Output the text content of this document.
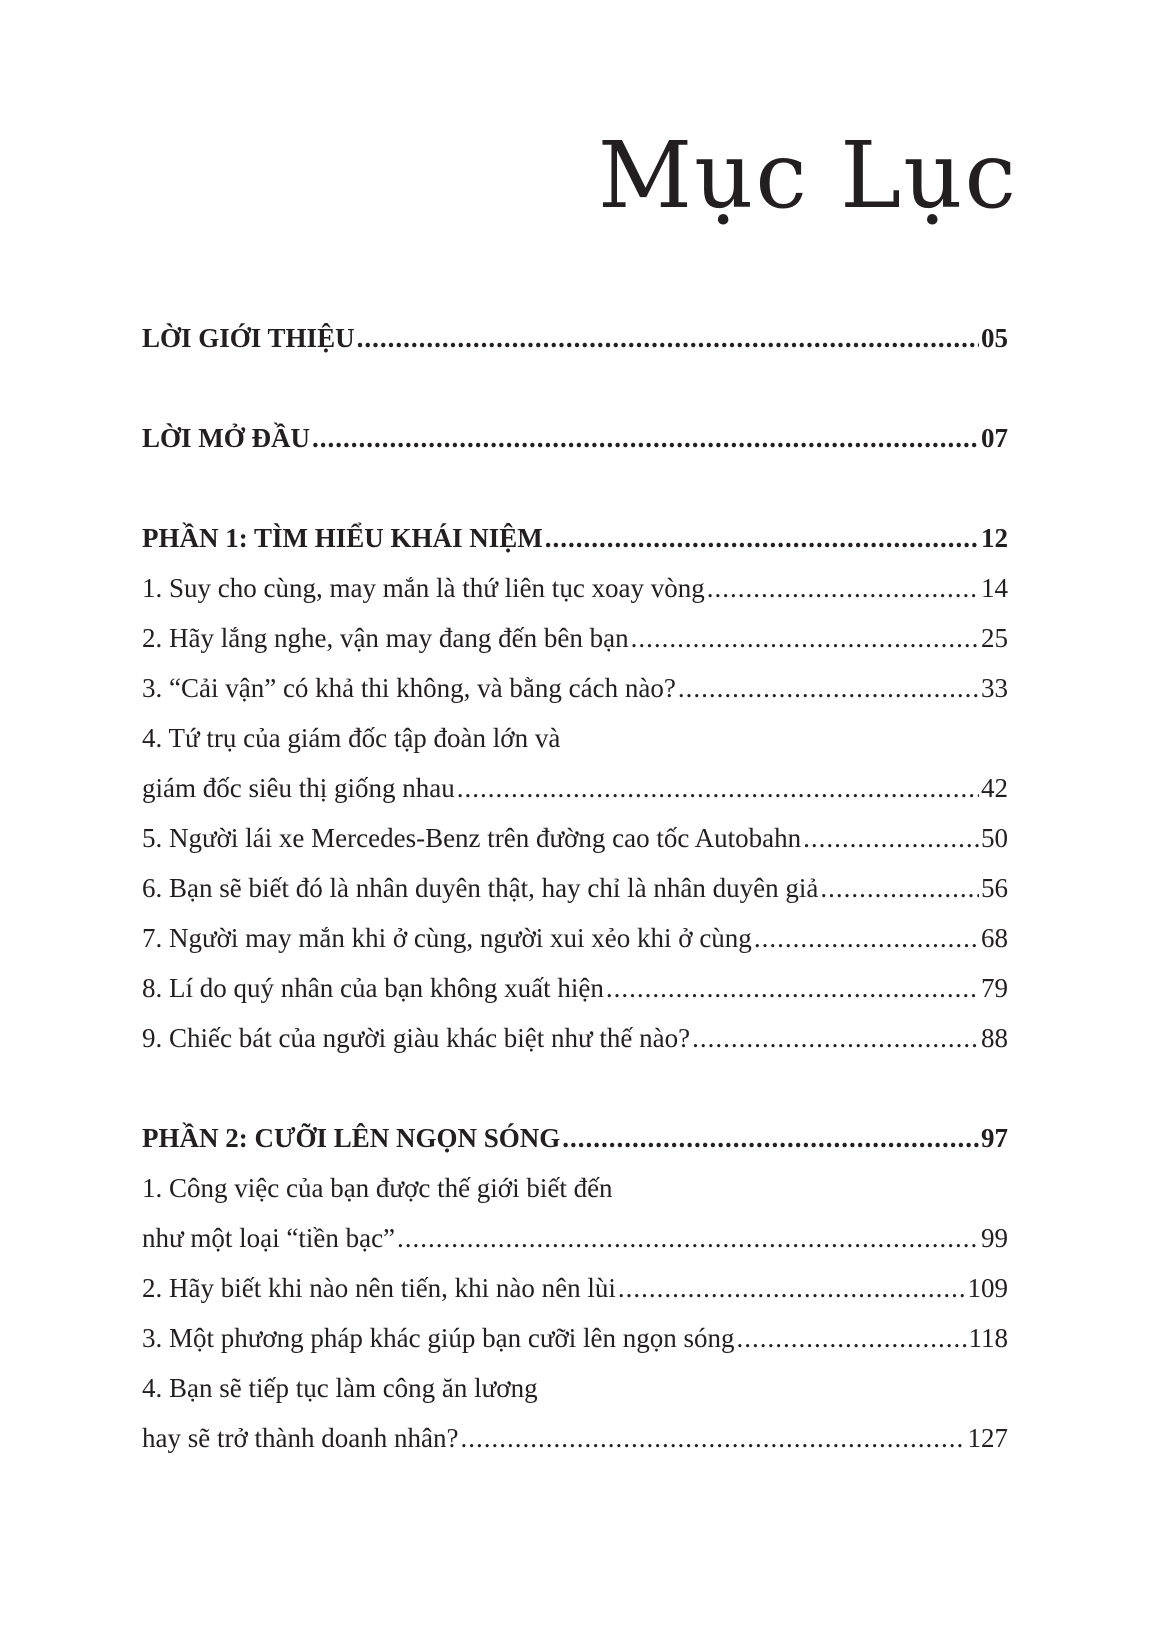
Mục Lục
LỜI GIỚI THIỆU .....	05
LỜI MỞ ĐẦU .....	07
PHẦN 1: TÌM HIỂU KHÁI NIỆM .....	12
1. Suy cho cùng, may mắn là thứ liên tục xoay vòng .....	14
2. Hãy lắng nghe, vận may đang đến bên bạn .....	25
3. “Cải vận” có khả thi không, và bằng cách nào? .....	33
4. Tứ trụ của giám đốc tập đoàn lớn và
giám đốc siêu thị giống nhau .....	42
5. Người lái xe Mercedes-Benz trên đường cao tốc Autobahn .....	50
6. Bạn sẽ biết đó là nhân duyên thật, hay chỉ là nhân duyên giả .....	56
7. Người may mắn khi ở cùng, người xui xẻo khi ở cùng .....	68
8. Lí do quý nhân của bạn không xuất hiện .....	79
9. Chiếc bát của người giàu khác biệt như thế nào? .....	88
PHẦN 2: CƯỠI LÊN NGỌN SÓNG .....	97
1. Công việc của bạn được thế giới biết đến
như một loại “tiền bạc” .....	99
2. Hãy biết khi nào nên tiến, khi nào nên lùi .....	109
3. Một phương pháp khác giúp bạn cưỡi lên ngọn sóng .....	118
4. Bạn sẽ tiếp tục làm công ăn lương
hay sẽ trở thành doanh nhân? .....	127
